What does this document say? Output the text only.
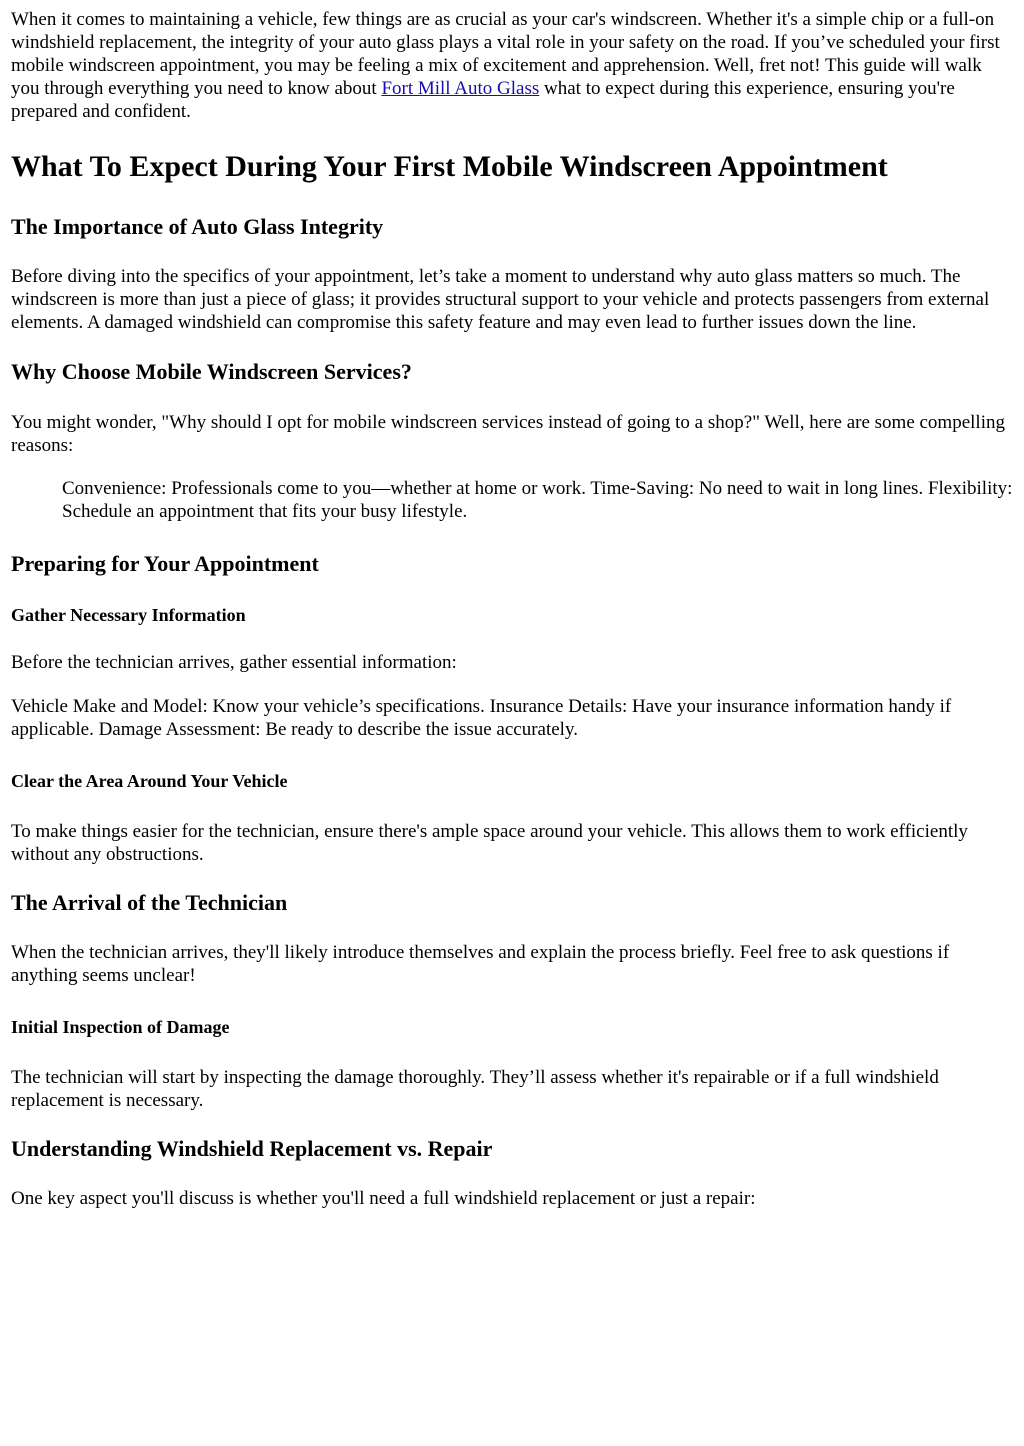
When it comes to maintaining a vehicle, few things are as crucial as your car's windscreen. Whether it's a simple chip or a full-on windshield replacement, the integrity of your auto glass plays a vital role in your safety on the road. If you’ve scheduled your first mobile windscreen appointment, you may be feeling a mix of excitement and apprehension. Well, fret not! This guide will walk you through everything you need to know about Fort Mill Auto Glass what to expect during this experience, ensuring you're prepared and confident.

What To Expect During Your First Mobile Windscreen Appointment
The Importance of Auto Glass Integrity

Before diving into the specifics of your appointment, let’s take a moment to understand why auto glass matters so much. The windscreen is more than just a piece of glass; it provides structural support to your vehicle and protects passengers from external elements. A damaged windshield can compromise this safety feature and may even lead to further issues down the line.

Why Choose Mobile Windscreen Services?

You might wonder, "Why should I opt for mobile windscreen services instead of going to a shop?" Well, here are some compelling reasons:

Convenience: Professionals come to you—whether at home or work. Time-Saving: No need to wait in long lines. Flexibility: Schedule an appointment that fits your busy lifestyle.

Preparing for Your Appointment
Gather Necessary Information

Before the technician arrives, gather essential information:

Vehicle Make and Model: Know your vehicle’s specifications. Insurance Details: Have your insurance information handy if applicable. Damage Assessment: Be ready to describe the issue accurately.

Clear the Area Around Your Vehicle

To make things easier for the technician, ensure there's ample space around your vehicle. This allows them to work efficiently without any obstructions.

The Arrival of the Technician

When the technician arrives, they'll likely introduce themselves and explain the process briefly. Feel free to ask questions if anything seems unclear!

Initial Inspection of Damage

The technician will start by inspecting the damage thoroughly. They’ll assess whether it's repairable or if a full windshield replacement is necessary.

Understanding Windshield Replacement vs. Repair

One key aspect you'll discuss is whether you'll need a full windshield replacement or just a repair:
